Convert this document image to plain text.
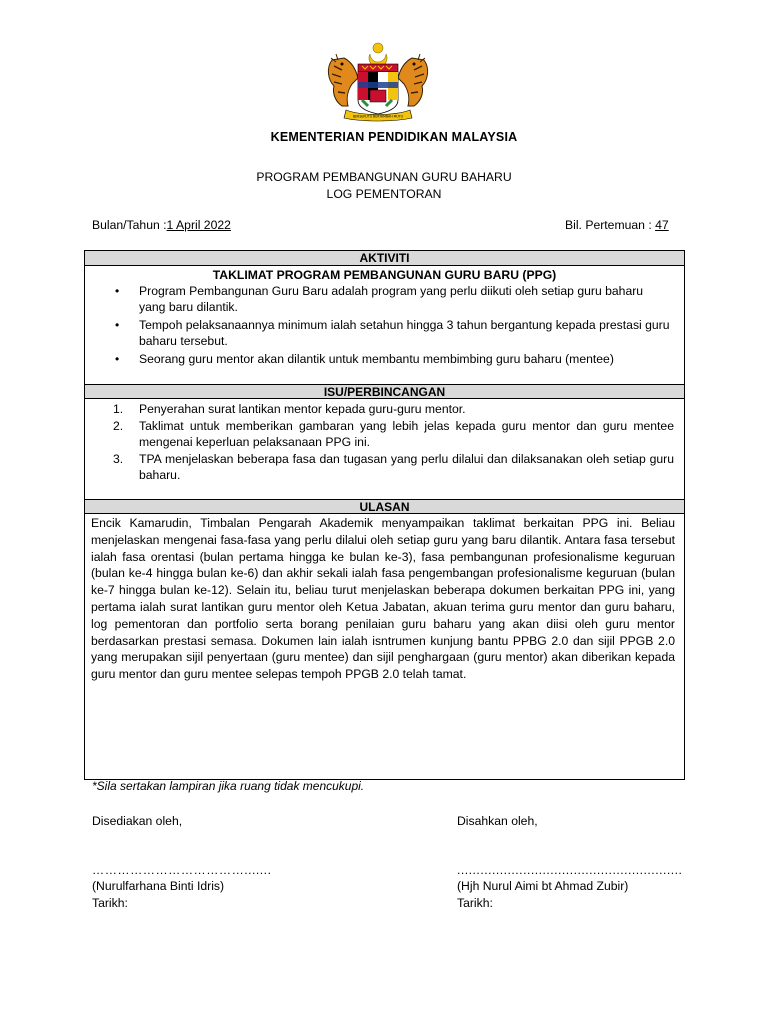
BERSEKUTU BERTAMBAH MUTU
KEMENTERIAN PENDIDIKAN MALAYSIA
PROGRAM PEMBANGUNAN GURU BAHARU
LOG PEMENTORAN
Bulan/Tahun :1 April 2022	Bil. Pertemuan : 47
AKTIVITI
TAKLIMAT PROGRAM PEMBANGUNAN GURU BARU (PPG)
• Program Pembangunan Guru Baru adalah program yang perlu diikuti oleh setiap guru baharu yang baru dilantik.
• Tempoh pelaksanaannya minimum ialah setahun hingga 3 tahun bergantung kepada prestasi guru baharu tersebut.
• Seorang guru mentor akan dilantik untuk membantu membimbing guru baharu (mentee)
ISU/PERBINCANGAN
1. Penyerahan surat lantikan mentor kepada guru-guru mentor.
2. Taklimat untuk memberikan gambaran yang lebih jelas kepada guru mentor dan guru mentee mengenai keperluan pelaksanaan PPG ini.
3. TPA menjelaskan beberapa fasa dan tugasan yang perlu dilalui dan dilaksanakan oleh setiap guru baharu.
ULASAN
Encik Kamarudin, Timbalan Pengarah Akademik menyampaikan taklimat berkaitan PPG ini. Beliau menjelaskan mengenai fasa-fasa yang perlu dilalui oleh setiap guru yang baru dilantik. Antara fasa tersebut ialah fasa orentasi (bulan pertama hingga ke bulan ke-3), fasa pembangunan profesionalisme keguruan (bulan ke-4 hingga bulan ke-6) dan akhir sekali ialah fasa pengembangan profesionalisme keguruan (bulan ke-7 hingga bulan ke-12). Selain itu, beliau turut menjelaskan beberapa dokumen berkaitan PPG ini, yang pertama ialah surat lantikan guru mentor oleh Ketua Jabatan, akuan terima guru mentor dan guru baharu, log pementoran dan portfolio serta borang penilaian guru baharu yang akan diisi oleh guru mentor berdasarkan prestasi semasa. Dokumen lain ialah isntrumen kunjung bantu PPBG 2.0 dan sijil PPGB 2.0 yang merupakan sijil penyertaan (guru mentee) dan sijil penghargaan (guru mentor) akan diberikan kepada guru mentor dan guru mentee selepas tempoh PPGB 2.0 telah tamat.
*Sila sertakan lampiran jika ruang tidak mencukupi.
Disediakan oleh,	Disahkan oleh,
……………………………….......	..........................................................
(Nurulfarhana Binti Idris)	(Hjh Nurul Aimi bt Ahmad Zubir)
Tarikh:	Tarikh:
